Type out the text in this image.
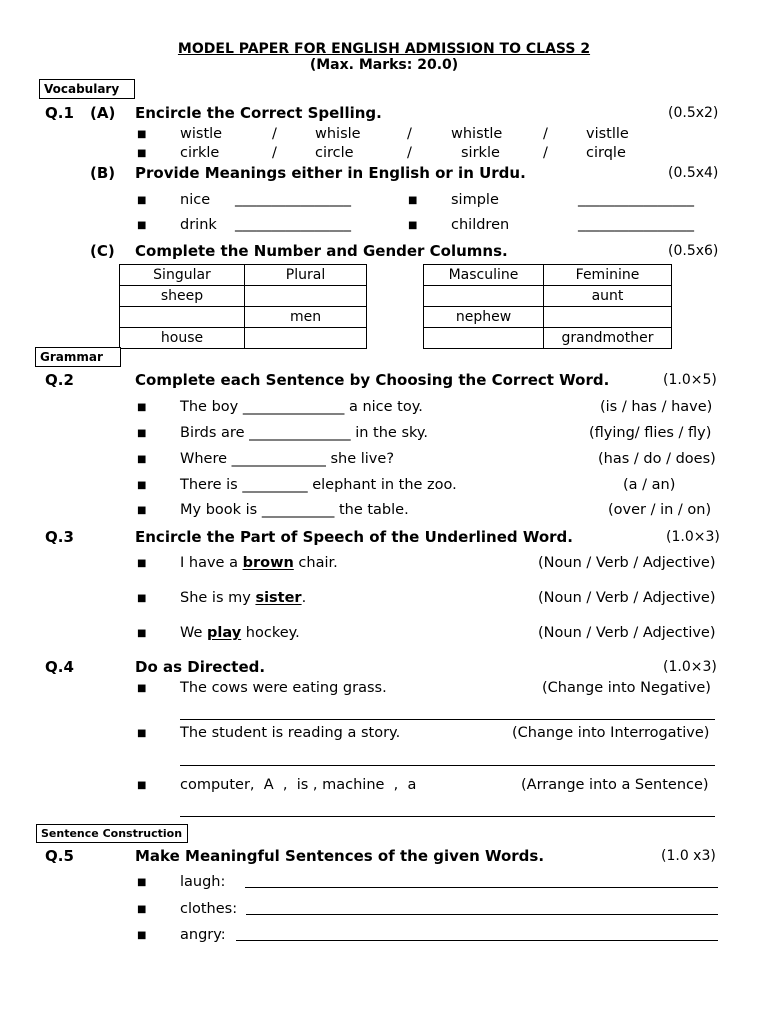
MODEL PAPER FOR ENGLISH ADMISSION TO CLASS 2
(Max. Marks: 20.0)
Vocabulary
Q.1 (A) Encircle the Correct Spelling.	(0.5x2)
■ wistle	/	whisle	/	whistle	/	vistlle
■ cirkle	/	circle	/	sirkle	/	cirqle
(B) Provide Meanings either in English or in Urdu.	(0.5x4)
■ nice ________________	■ simple	________________
■ drink ________________	■ children	________________
(C) Complete the Number and Gender Columns.	(0.5x6)
Singular	Plural
sheep	
	men
house	
Masculine	Feminine
	aunt
nephew	
	grandmother
Grammar
Q.2	Complete each Sentence by Choosing the Correct Word.	(1.0×5)
■ The boy ______________ a nice toy.	(is / has / have)
■ Birds are ______________ in the sky.	(flying/ flies / fly)
■ Where _____________ she live?	(has / do / does)
■ There is _________ elephant in the zoo.	(a / an)
■ My book is __________ the table.	(over / in / on)
Q.3	Encircle the Part of Speech of the Underlined Word.	(1.0×3)
■ I have a brown chair.	(Noun / Verb / Adjective)
■ She is my sister.	(Noun / Verb / Adjective)
■ We play hockey.	(Noun / Verb / Adjective)
Q.4	Do as Directed.	(1.0×3)
■ The cows were eating grass.	(Change into Negative)
■ The student is reading a story.	(Change into Interrogative)
■ computer,  A  ,  is , machine  ,  a	(Arrange into a Sentence)
Sentence Construction
Q.5	Make Meaningful Sentences of the given Words.	(1.0 x3)
■ laugh:
■ clothes:
■ angry:
